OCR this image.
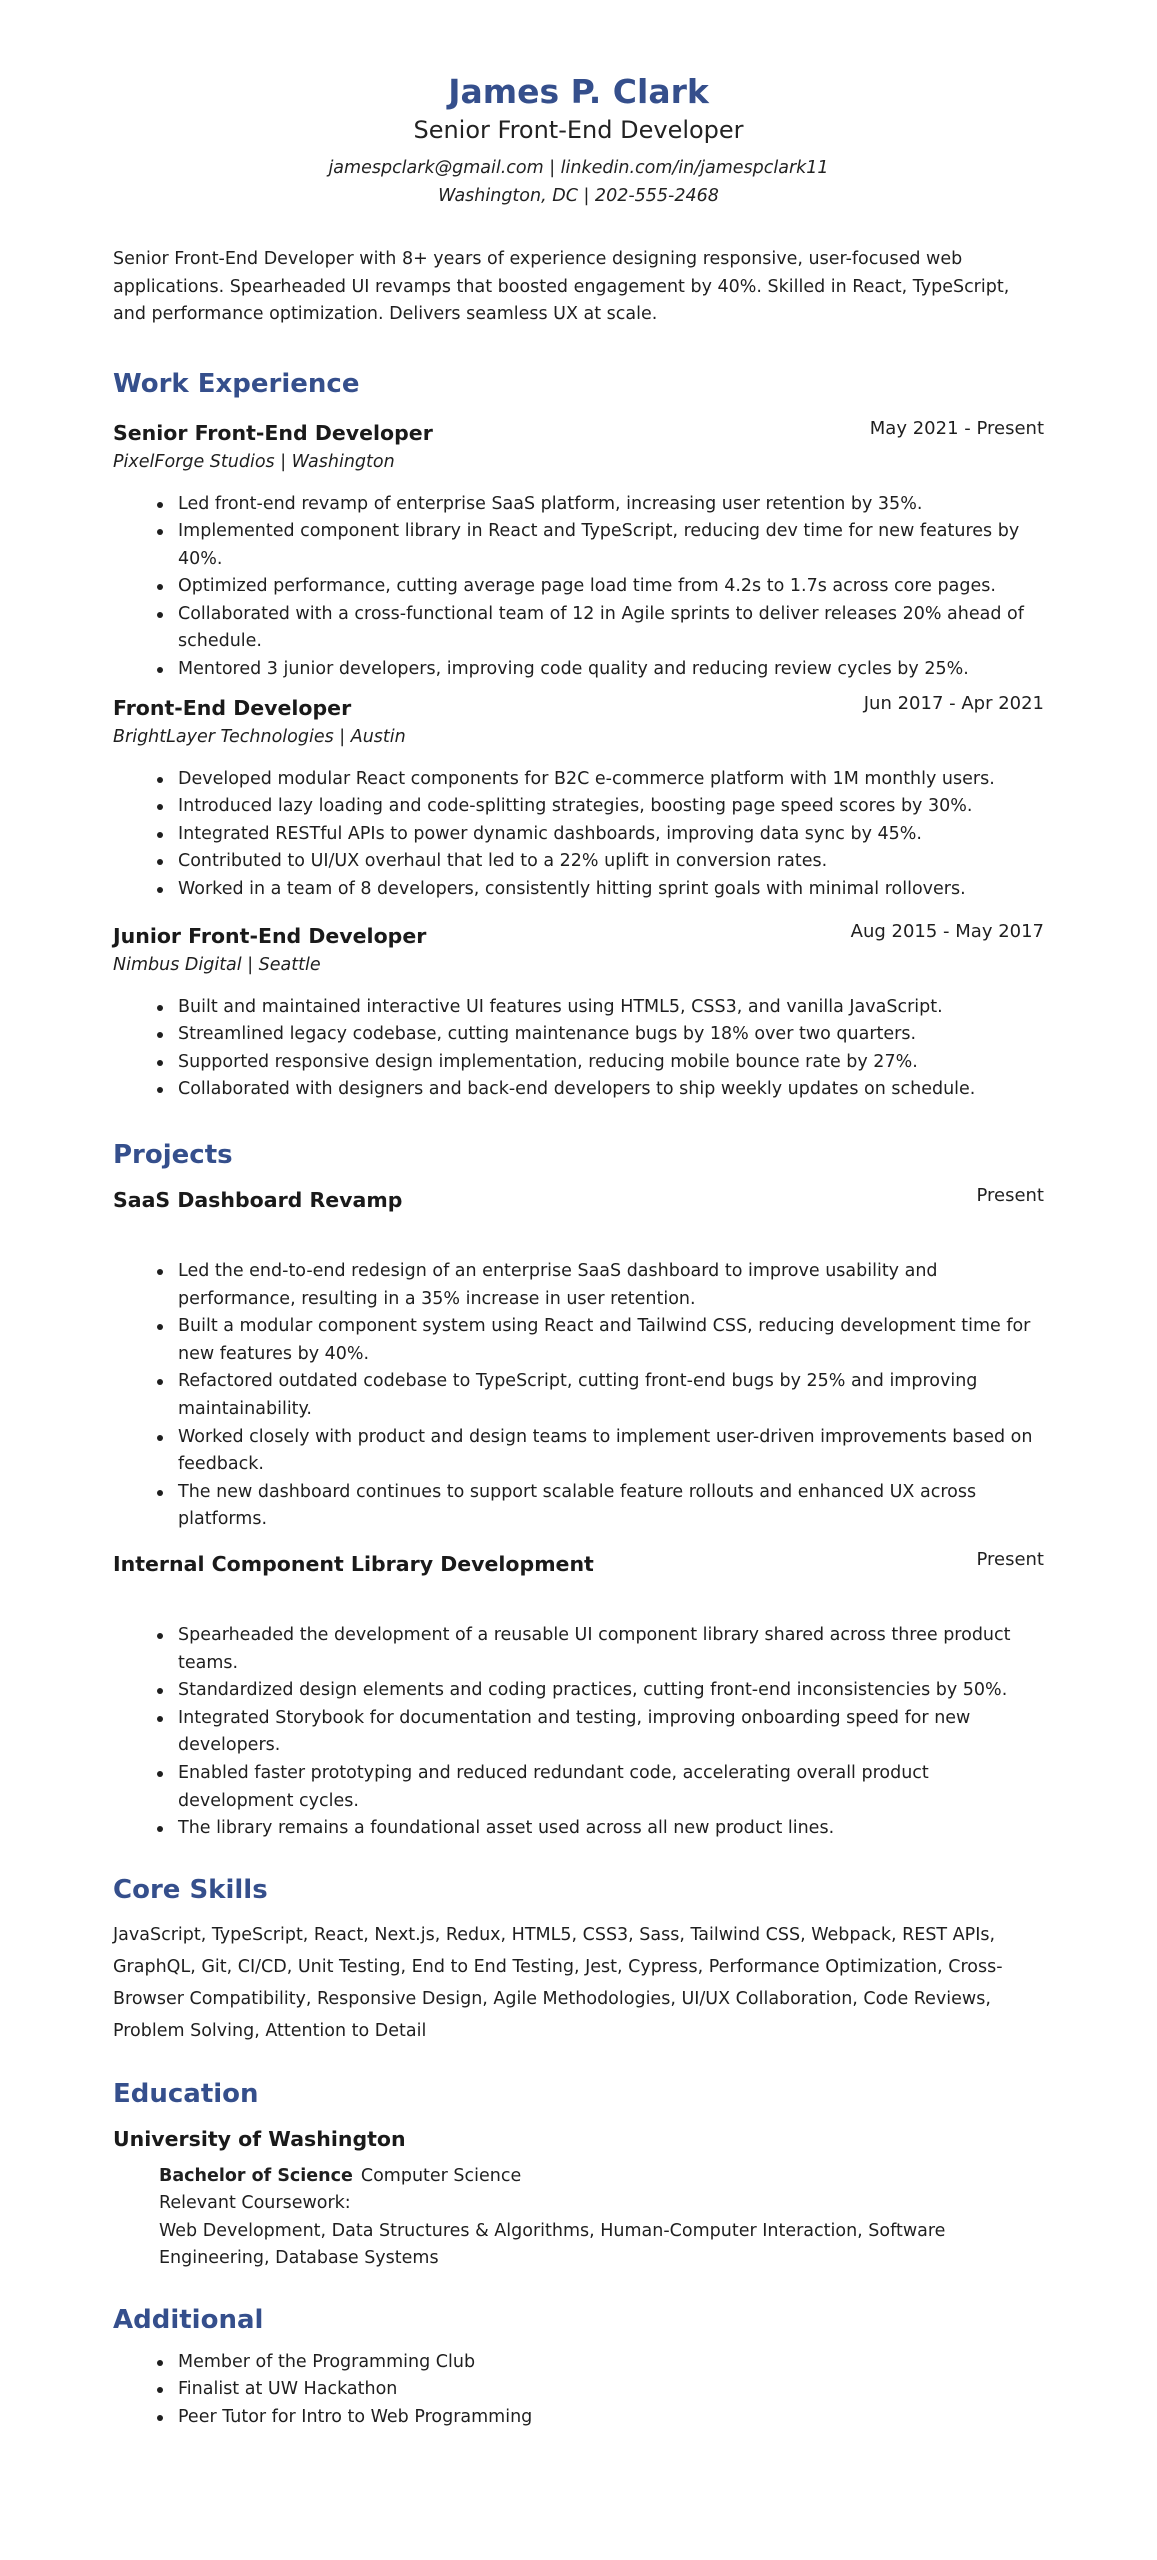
James P. Clark
Senior Front-End Developer
jamespclark@gmail.com | linkedin.com/in/jamespclark11
Washington, DC | 202-555-2468
Senior Front-End Developer with 8+ years of experience designing responsive, user-focused web applications. Spearheaded UI revamps that boosted engagement by 40%. Skilled in React, TypeScript, and performance optimization. Delivers seamless UX at scale.
Work Experience
Senior Front-End Developer	May 2021 - Present
PixelForge Studios | Washington
Led front-end revamp of enterprise SaaS platform, increasing user retention by 35%.
Implemented component library in React and TypeScript, reducing dev time for new features by 40%.
Optimized performance, cutting average page load time from 4.2s to 1.7s across core pages.
Collaborated with a cross-functional team of 12 in Agile sprints to deliver releases 20% ahead of schedule.
Mentored 3 junior developers, improving code quality and reducing review cycles by 25%.
Front-End Developer	Jun 2017 - Apr 2021
BrightLayer Technologies | Austin
Developed modular React components for B2C e-commerce platform with 1M monthly users.
Introduced lazy loading and code-splitting strategies, boosting page speed scores by 30%.
Integrated RESTful APIs to power dynamic dashboards, improving data sync by 45%.
Contributed to UI/UX overhaul that led to a 22% uplift in conversion rates.
Worked in a team of 8 developers, consistently hitting sprint goals with minimal rollovers.
Junior Front-End Developer	Aug 2015 - May 2017
Nimbus Digital | Seattle
Built and maintained interactive UI features using HTML5, CSS3, and vanilla JavaScript.
Streamlined legacy codebase, cutting maintenance bugs by 18% over two quarters.
Supported responsive design implementation, reducing mobile bounce rate by 27%.
Collaborated with designers and back-end developers to ship weekly updates on schedule.
Projects
SaaS Dashboard Revamp	Present
Led the end-to-end redesign of an enterprise SaaS dashboard to improve usability and performance, resulting in a 35% increase in user retention.
Built a modular component system using React and Tailwind CSS, reducing development time for new features by 40%.
Refactored outdated codebase to TypeScript, cutting front-end bugs by 25% and improving maintainability.
Worked closely with product and design teams to implement user-driven improvements based on feedback.
The new dashboard continues to support scalable feature rollouts and enhanced UX across platforms.
Internal Component Library Development	Present
Spearheaded the development of a reusable UI component library shared across three product teams.
Standardized design elements and coding practices, cutting front-end inconsistencies by 50%.
Integrated Storybook for documentation and testing, improving onboarding speed for new developers.
Enabled faster prototyping and reduced redundant code, accelerating overall product development cycles.
The library remains a foundational asset used across all new product lines.
Core Skills
JavaScript, TypeScript, React, Next.js, Redux, HTML5, CSS3, Sass, Tailwind CSS, Webpack, REST APIs, GraphQL, Git, CI/CD, Unit Testing, End to End Testing, Jest, Cypress, Performance Optimization, Cross-Browser Compatibility, Responsive Design, Agile Methodologies, UI/UX Collaboration, Code Reviews, Problem Solving, Attention to Detail
Education
University of Washington
Bachelor of Science Computer Science
Relevant Coursework:
Web Development, Data Structures & Algorithms, Human-Computer Interaction, Software Engineering, Database Systems
Additional
Member of the Programming Club
Finalist at UW Hackathon
Peer Tutor for Intro to Web Programming
